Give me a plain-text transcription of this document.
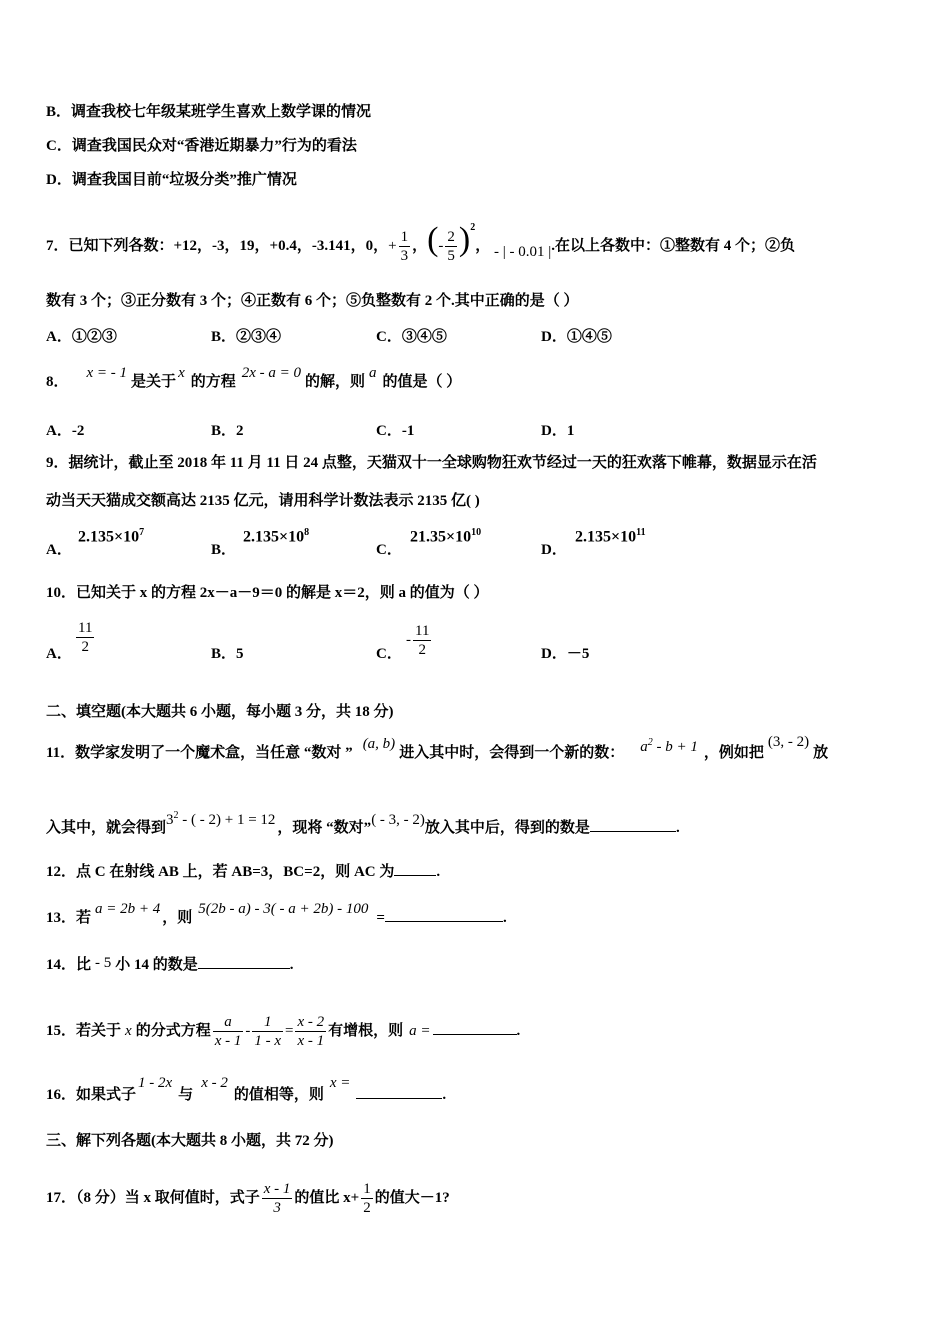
B．调查我校七年级某班学生喜欢上数学课的情况
C．调查我国民众对“香港近期暴力”行为的看法
D．调查我国目前“垃圾分类”推广情况
7．已知下列各数：+12，-3，19，+0.4，-3.141，0，+ $\frac{1}{3}$ ，(- $\frac{2}{5} )^2$， - | - 0.01 |.在以上各数中：①整数有 4 个；②负
数有 3 个；③正分数有 3 个；④正数有 6 个；⑤负整数有 2 个.其中正确的是（ ）
A．①②③	B．②③④	C．③④⑤	D．①④⑤
8．x = - 1是关于x的方程2x - a = 0的解，则a的值是（ ）
A．-2	B．2	C．-1	D．1
9．据统计，截止至 2018 年 11 月 11 日 24 点整，天猫双十一全球购物狂欢节经过一天的狂欢落下帷幕，数据显示在活
动当天天猫成交额高达 2135 亿元，请用科学计数法表示 2135 亿( )
A．
$2.135\times 10^7$
B．
$2.135\times 10^8$
C．
$21.35\times 10^{10}$
D．
$2.135\times 10^{11}$
10．已知关于 x 的方程 2x－a－9＝0 的解是 x＝2，则 a 的值为（ ）
A． $\frac{11}{2}$	B．5	C．
- $\frac{11}{2}$	D．－5
二、填空题(本大题共 6 小题，每小题 3 分，共 18 分)
11．数学家发明了一个魔术盒，当任意 “数对 ”(a, b)进入其中时，会得到一个新的数： $a^2 - b + 1$ ，例如把(3, - 2)放
入其中，就会得到$3^2$ - ( - 2) + 1 = 12 ，现将 “数对”( - 3, - 2)放入其中后，得到的数是	.
12．点 C 在射线 AB 上，若 AB=3，BC=2，则 AC 为	.
13．若a = 2b + 4，则5(2b - a) - 3( - a + 2b) - 100=	.
14．比 - 5 小 14 的数是	.
15．若关于 x 的分式方程 $\frac{a}{x - 1} - \frac{1}{1 - x} = \frac{x - 2}{x - 1}$ 有增根，则 a =	.
16．如果式子1 - 2x与x - 2的值相等，则x =.
三、解下列各题(本大题共 8 小题，共 72 分)
17．（8 分）当 x 取何值时，式子 $\frac{x - 1}{3}$ 的值比 $x+ \frac{1}{2}$ 的值大－1?
